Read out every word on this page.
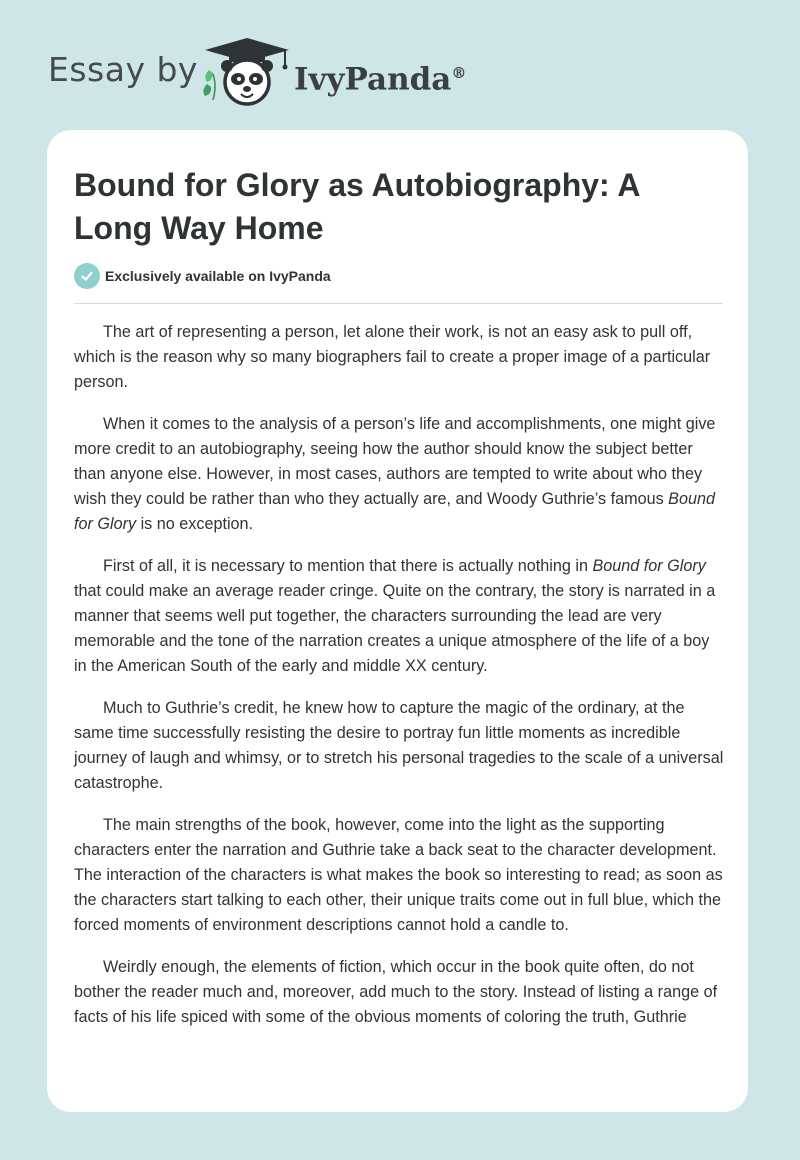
Essay by	IvyPanda®
Bound for Glory as Autobiography: A Long Way Home
Exclusively available on IvyPanda

The art of representing a person, let alone their work, is not an easy ask to pull off, which is the reason why so many biographers fail to create a proper image of a particular person.

When it comes to the analysis of a person’s life and accomplishments, one might give more credit to an autobiography, seeing how the author should know the subject better than anyone else. However, in most cases, authors are tempted to write about who they wish they could be rather than who they actually are, and Woody Guthrie’s famous Bound for Glory is no exception.

First of all, it is necessary to mention that there is actually nothing in Bound for Glory that could make an average reader cringe. Quite on the contrary, the story is narrated in a manner that seems well put together, the characters surrounding the lead are very memorable and the tone of the narration creates a unique atmosphere of the life of a boy in the American South of the early and middle XX century.

Much to Guthrie’s credit, he knew how to capture the magic of the ordinary, at the same time successfully resisting the desire to portray fun little moments as incredible journey of laugh and whimsy, or to stretch his personal tragedies to the scale of a universal catastrophe.

The main strengths of the book, however, come into the light as the supporting characters enter the narration and Guthrie take a back seat to the character development. The interaction of the characters is what makes the book so interesting to read; as soon as the characters start talking to each other, their unique traits come out in full blue, which the forced moments of environment descriptions cannot hold a candle to.

Weirdly enough, the elements of fiction, which occur in the book quite often, do not bother the reader much and, moreover, add much to the story. Instead of listing a range of facts of his life spiced with some of the obvious moments of coloring the truth, Guthrie
